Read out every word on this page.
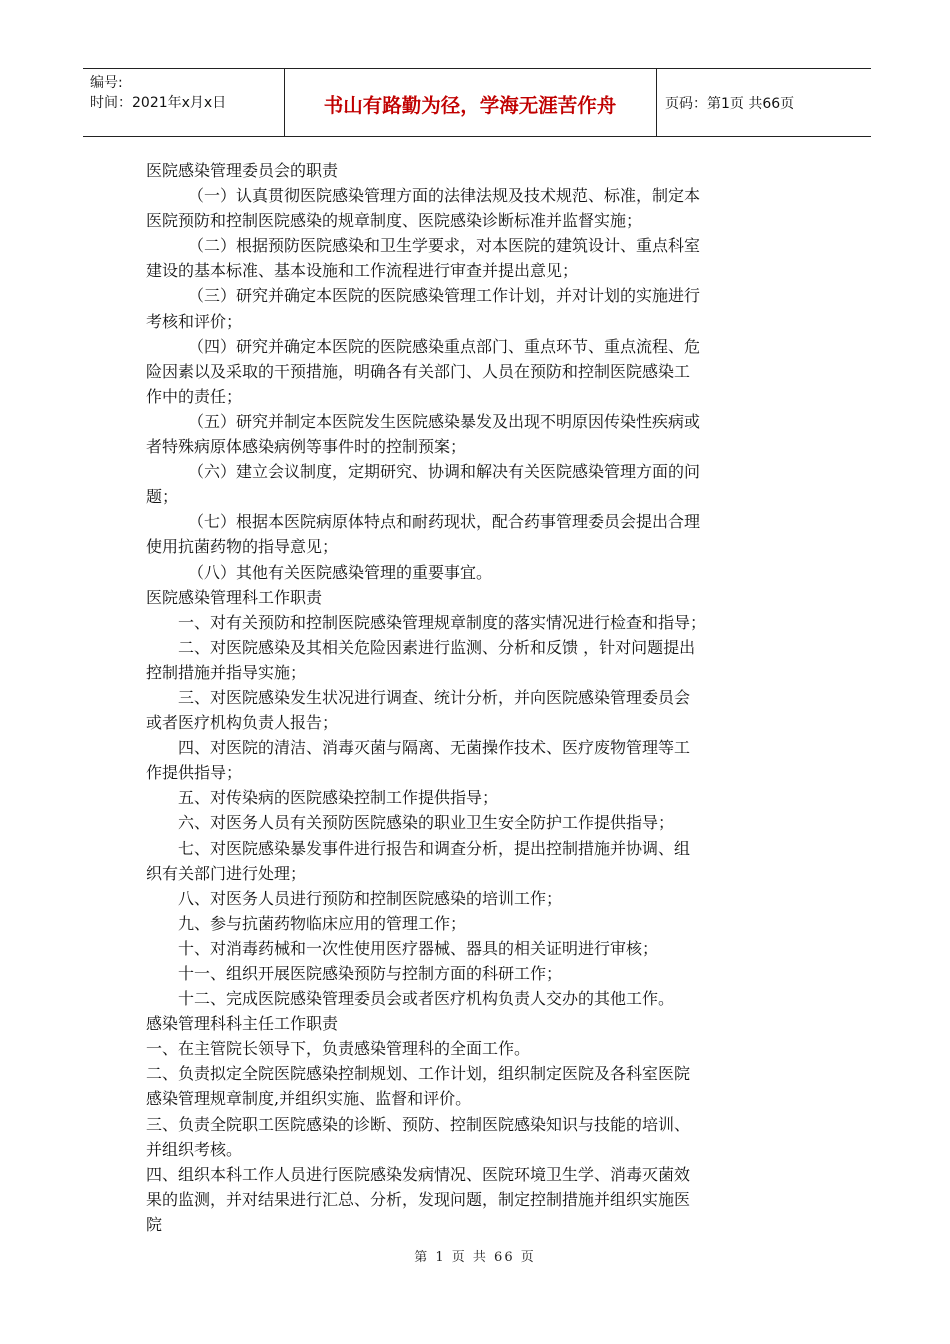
编号:
时间：2021年x月x日	书山有路勤为径，学海无涯苦作舟	页码：第1页 共66页
医院感染管理委员会的职责
（一）认真贯彻医院感染管理方面的法律法规及技术规范、标准，制定本
医院预防和控制医院感染的规章制度、医院感染诊断标准并监督实施；
（二）根据预防医院感染和卫生学要求，对本医院的建筑设计、重点科室
建设的基本标准、基本设施和工作流程进行审查并提出意见；
（三）研究并确定本医院的医院感染管理工作计划，并对计划的实施进行
考核和评价；
（四）研究并确定本医院的医院感染重点部门、重点环节、重点流程、危
险因素以及采取的干预措施，明确各有关部门、人员在预防和控制医院感染工
作中的责任；
（五）研究并制定本医院发生医院感染暴发及出现不明原因传染性疾病或
者特殊病原体感染病例等事件时的控制预案；
（六）建立会议制度，定期研究、协调和解决有关医院感染管理方面的问
题；
（七）根据本医院病原体特点和耐药现状，配合药事管理委员会提出合理
使用抗菌药物的指导意见；
（八）其他有关医院感染管理的重要事宜。
医院感染管理科工作职责
一、对有关预防和控制医院感染管理规章制度的落实情况进行检查和指导；
二、对医院感染及其相关危险因素进行监测、分析和反馈 ，针对问题提出
控制措施并指导实施；
三、对医院感染发生状况进行调查、统计分析，并向医院感染管理委员会
或者医疗机构负责人报告；
四、对医院的清洁、消毒灭菌与隔离、无菌操作技术、医疗废物管理等工
作提供指导；
五、对传染病的医院感染控制工作提供指导；
六、对医务人员有关预防医院感染的职业卫生安全防护工作提供指导；
七、对医院感染暴发事件进行报告和调查分析，提出控制措施并协调、组
织有关部门进行处理；
八、对医务人员进行预防和控制医院感染的培训工作；
九、参与抗菌药物临床应用的管理工作；
十、对消毒药械和一次性使用医疗器械、器具的相关证明进行审核；
十一、组织开展医院感染预防与控制方面的科研工作；
十二、完成医院感染管理委员会或者医疗机构负责人交办的其他工作。
感染管理科科主任工作职责
一、在主管院长领导下，负责感染管理科的全面工作。
二、负责拟定全院医院感染控制规划、工作计划，组织制定医院及各科室医院
感染管理规章制度,并组织实施、监督和评价。
三、负责全院职工医院感染的诊断、预防、控制医院感染知识与技能的培训、
并组织考核。
四、组织本科工作人员进行医院感染发病情况、医院环境卫生学、消毒灭菌效
果的监测，并对结果进行汇总、分析，发现问题，制定控制措施并组织实施医
院
第 1 页 共 66 页
